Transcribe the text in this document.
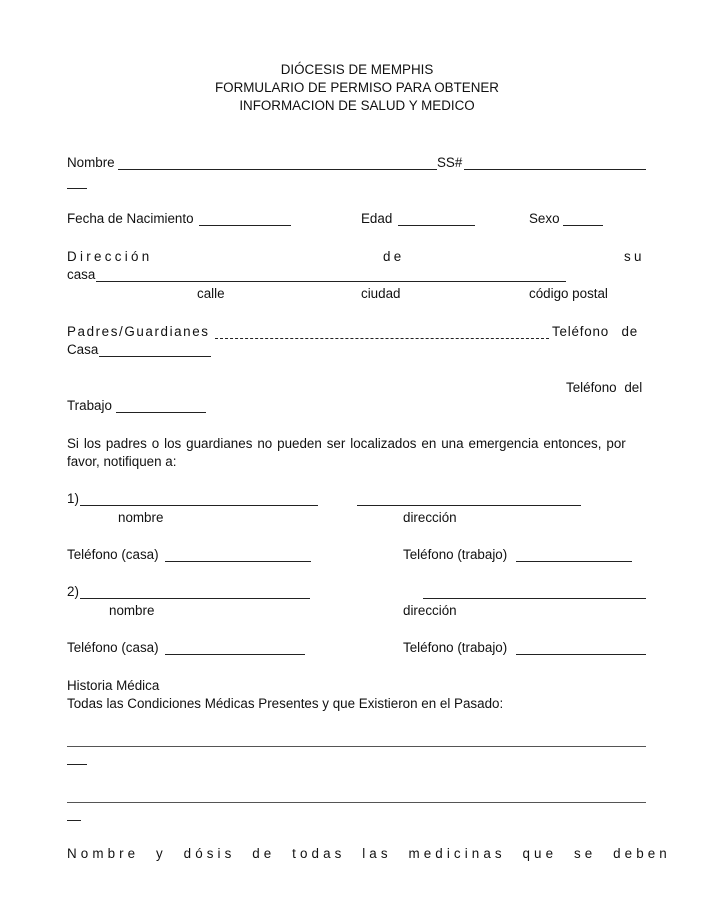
DIÓCESIS DE MEMPHIS
FORMULARIO DE PERMISO PARA OBTENER
INFORMACION DE SALUD Y MEDICO
Nombre	SS#
Fecha de Nacimiento	Edad	Sexo
Dirección	de	su
casa
calle	ciudad	código postal
Padres/Guardianes	Teléfono de
Casa
Teléfono del
Trabajo
Si los padres o los guardianes no pueden ser localizados en una emergencia entonces, por
favor, notifiquen a:
1)
nombre	dirección
Teléfono (casa)	Teléfono (trabajo)
2)
nombre	dirección
Teléfono (casa)	Teléfono (trabajo)
Historia Médica
Todas las Condiciones Médicas Presentes y que Existieron en el Pasado:
Nombre y dósis de todas las medicinas que se deben
